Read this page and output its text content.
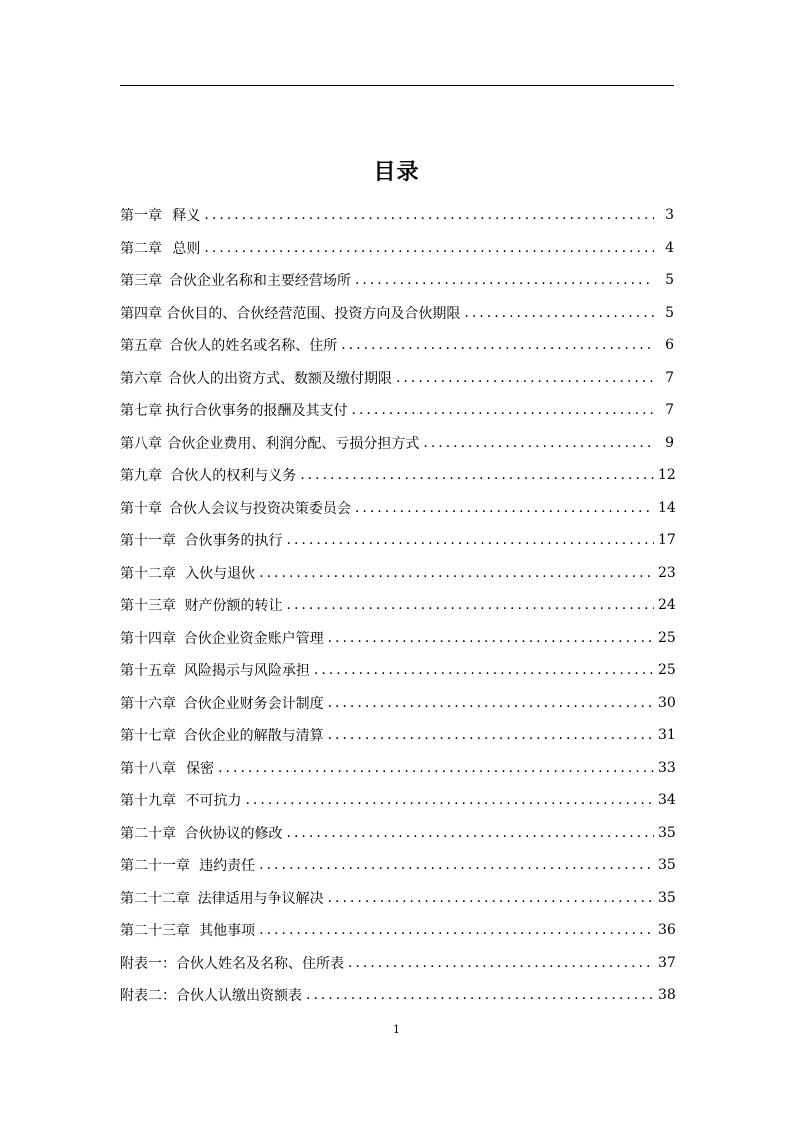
目录
第一章 释义 .....	3
第二章 总则 .....	4
第三章 合伙企业名称和主要经营场所 .....	5
第四章 合伙目的、合伙经营范围、投资方向及合伙期限 .....	5
第五章 合伙人的姓名或名称、住所 .....	6
第六章 合伙人的出资方式、数额及缴付期限 .....	7
第七章 执行合伙事务的报酬及其支付 .....	7
第八章 合伙企业费用、利润分配、亏损分担方式 .....	9
第九章 合伙人的权利与义务 .....	12
第十章 合伙人会议与投资决策委员会 .....	14
第十一章 合伙事务的执行 .....	17
第十二章 入伙与退伙 .....	23
第十三章 财产份额的转让 .....	24
第十四章 合伙企业资金账户管理 .....	25
第十五章 风险揭示与风险承担 .....	25
第十六章 合伙企业财务会计制度 .....	30
第十七章 合伙企业的解散与清算 .....	31
第十八章 保密 .....	33
第十九章 不可抗力 .....	34
第二十章 合伙协议的修改 .....	35
第二十一章 违约责任 .....	35
第二十二章 法律适用与争议解决 .....	35
第二十三章 其他事项 .....	36
附表一：合伙人姓名及名称、住所表 .....	37
附表二：合伙人认缴出资额表 .....	38
1
